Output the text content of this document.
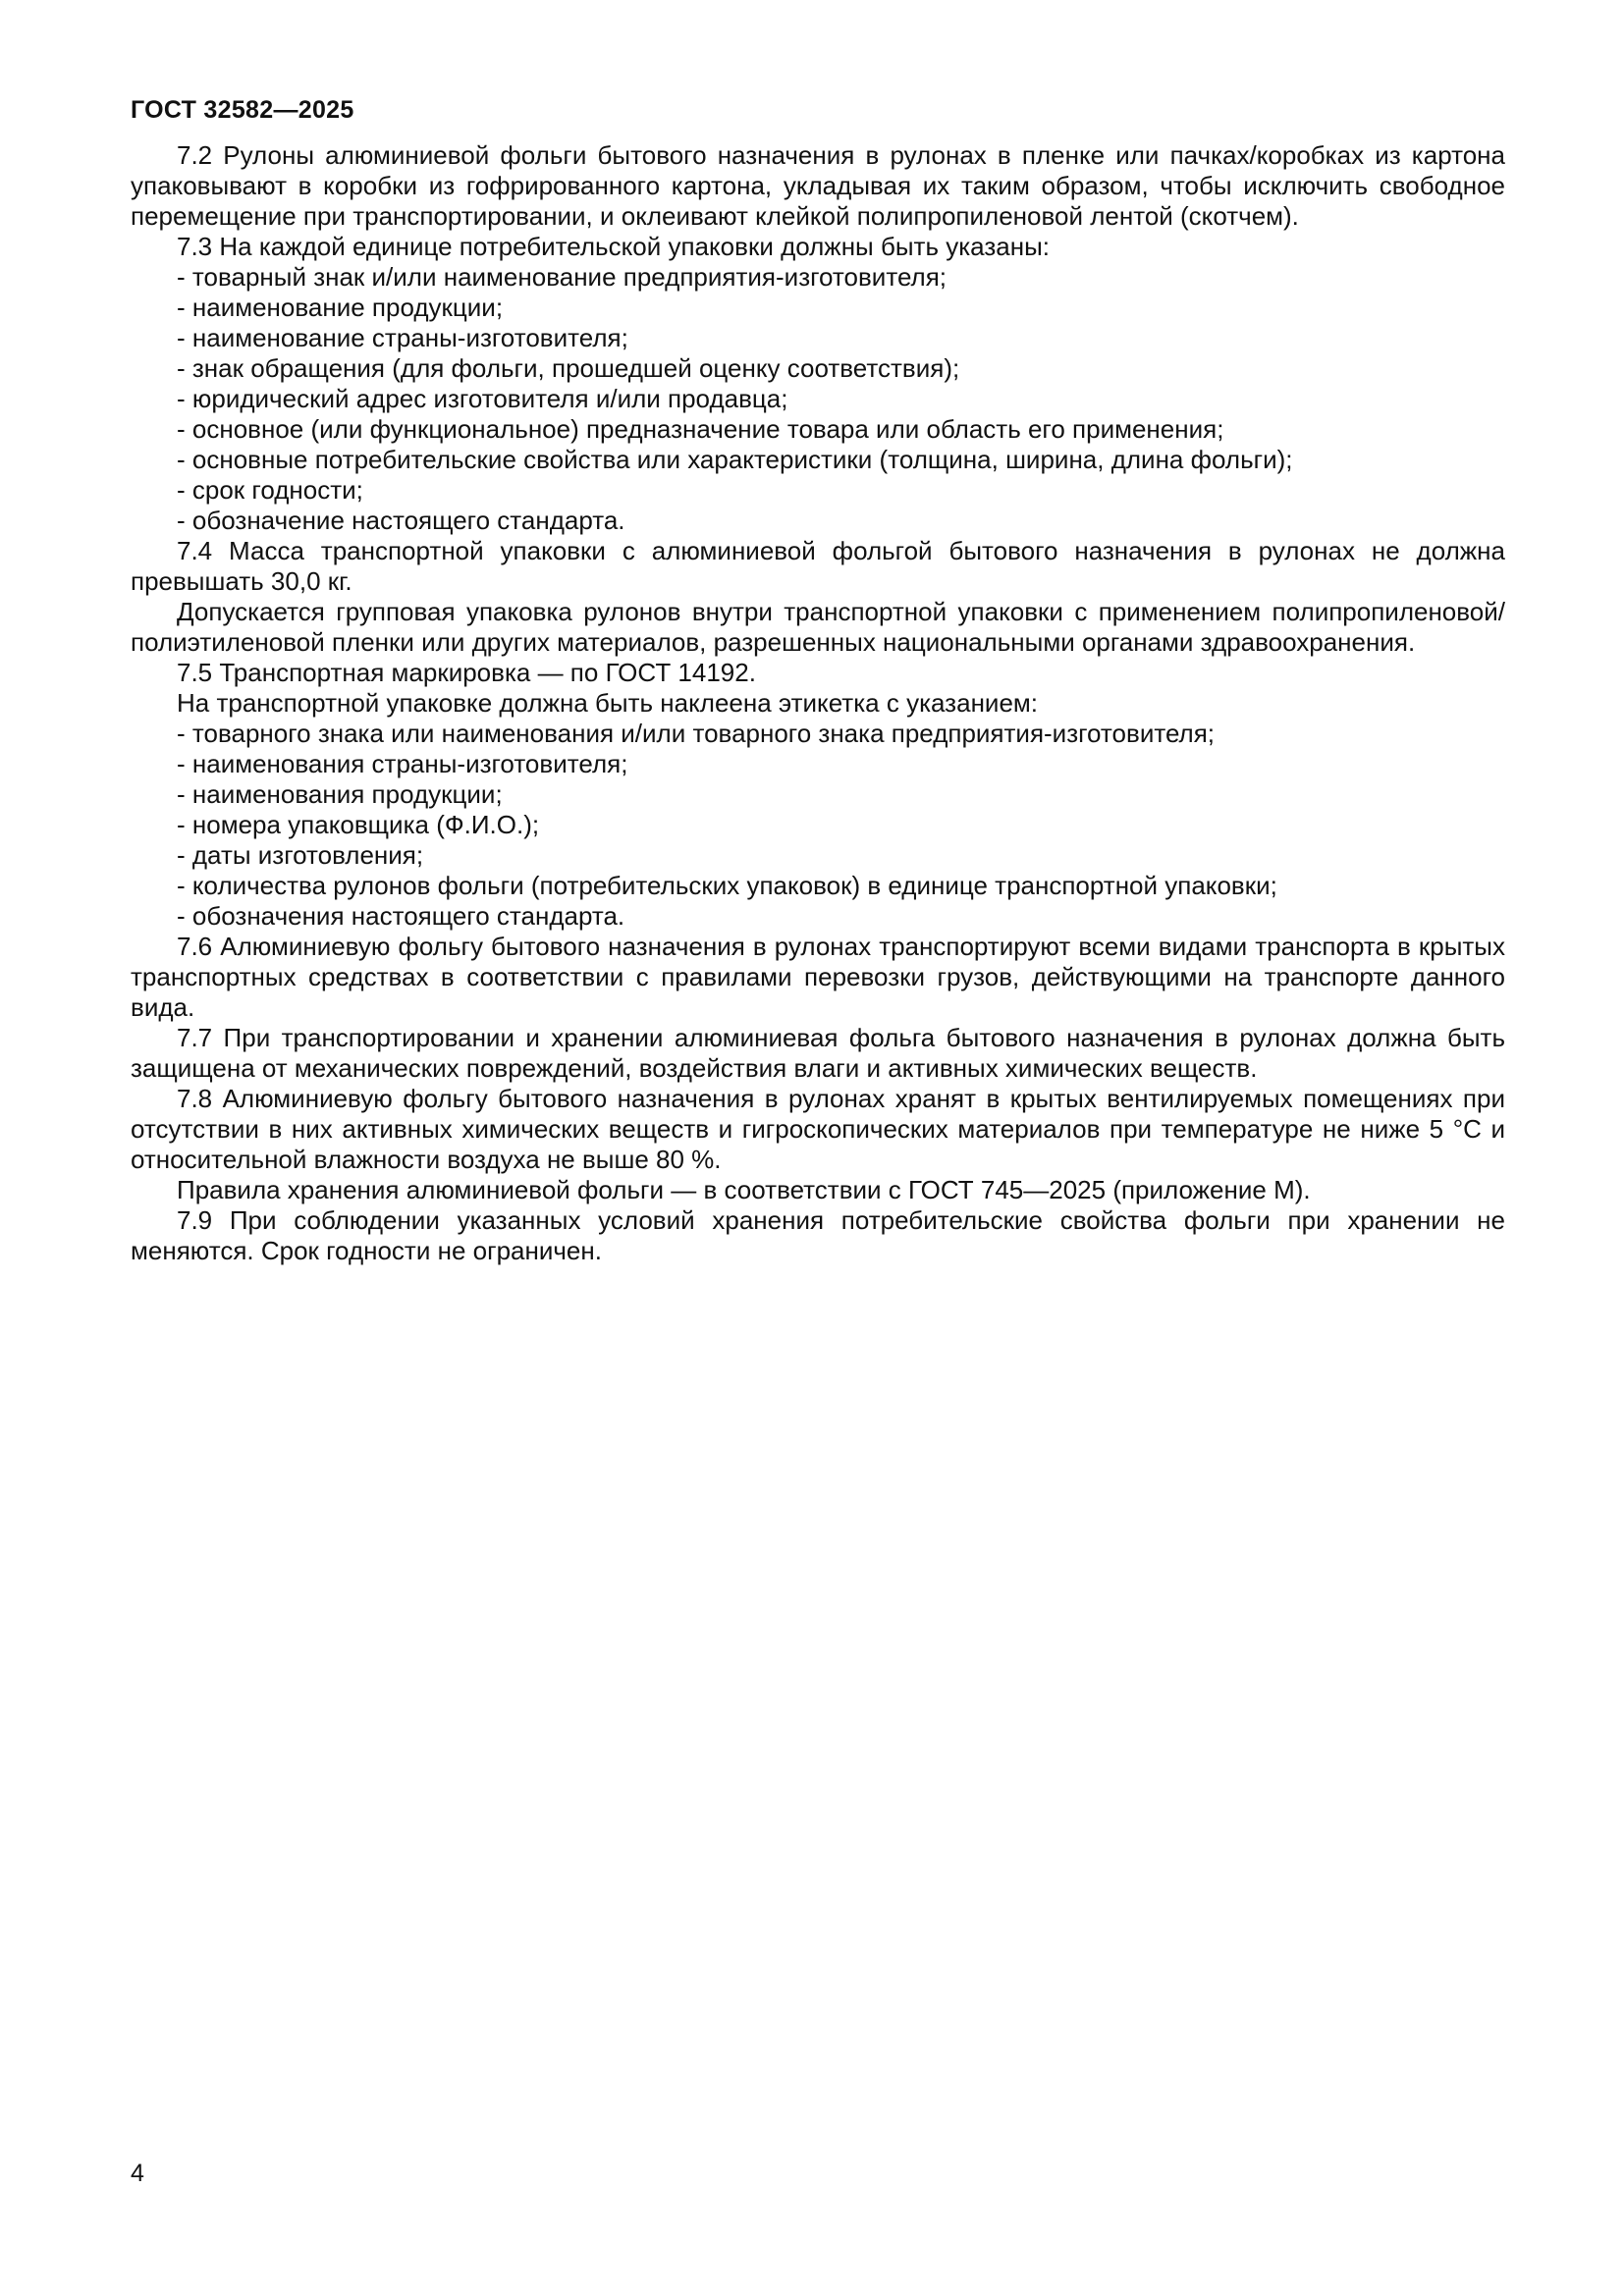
ГОСТ 32582—2025

7.2 Рулоны алюминиевой фольги бытового назначения в рулонах в пленке или пачках/коробках из картона упаковывают в коробки из гофрированного картона, укладывая их таким образом, чтобы исключить свободное перемещение при транспортировании, и оклеивают клейкой полипропиленовой лентой (скотчем).

7.3 На каждой единице потребительской упаковки должны быть указаны:

- товарный знак и/или наименование предприятия-изготовителя;

- наименование продукции;

- наименование страны-изготовителя;

- знак обращения (для фольги, прошедшей оценку соответствия);

- юридический адрес изготовителя и/или продавца;

- основное (или функциональное) предназначение товара или область его применения;

- основные потребительские свойства или характеристики (толщина, ширина, длина фольги);

- срок годности;

- обозначение настоящего стандарта.

7.4 Масса транспортной упаковки с алюминиевой фольгой бытового назначения в рулонах не должна превышать 30,0 кг.

Допускается групповая упаковка рулонов внутри транспортной упаковки с применением полипропиленовой/полиэтиленовой пленки или других материалов, разрешенных национальными органами здравоохранения.

7.5 Транспортная маркировка — по ГОСТ 14192.

На транспортной упаковке должна быть наклеена этикетка с указанием:

- товарного знака или наименования и/или товарного знака предприятия-изготовителя;

- наименования страны-изготовителя;

- наименования продукции;

- номера упаковщика (Ф.И.О.);

- даты изготовления;

- количества рулонов фольги (потребительских упаковок) в единице транспортной упаковки;

- обозначения настоящего стандарта.

7.6 Алюминиевую фольгу бытового назначения в рулонах транспортируют всеми видами транспорта в крытых транспортных средствах в соответствии с правилами перевозки грузов, действующими на транспорте данного вида.

7.7 При транспортировании и хранении алюминиевая фольга бытового назначения в рулонах должна быть защищена от механических повреждений, воздействия влаги и активных химических веществ.

7.8 Алюминиевую фольгу бытового назначения в рулонах хранят в крытых вентилируемых помещениях при отсутствии в них активных химических веществ и гигроскопических материалов при температуре не ниже 5 °С и относительной влажности воздуха не выше 80 %.

Правила хранения алюминиевой фольги — в соответствии с ГОСТ 745—2025 (приложение М).

7.9 При соблюдении указанных условий хранения потребительские свойства фольги при хранении не меняются. Срок годности не ограничен.

4
